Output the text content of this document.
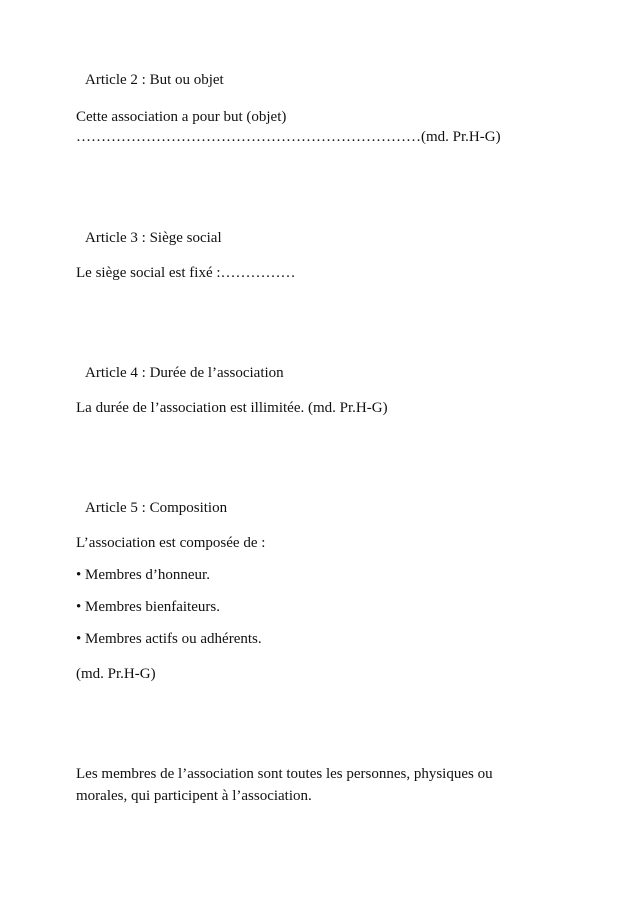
Article 2 : But ou objet
Cette association a pour but (objet)
……………………………………………………………(md. Pr.H-G)
Article 3 : Siège social
Le siège social est fixé :……………
Article 4 : Durée de l’association
La durée de l’association est illimitée. (md. Pr.H-G)
Article 5 : Composition
L’association est composée de :
• Membres d’honneur.
• Membres bienfaiteurs.
• Membres actifs ou adhérents.
(md. Pr.H-G)
Les membres de l’association sont toutes les personnes, physiques ou morales, qui participent à l’association.
